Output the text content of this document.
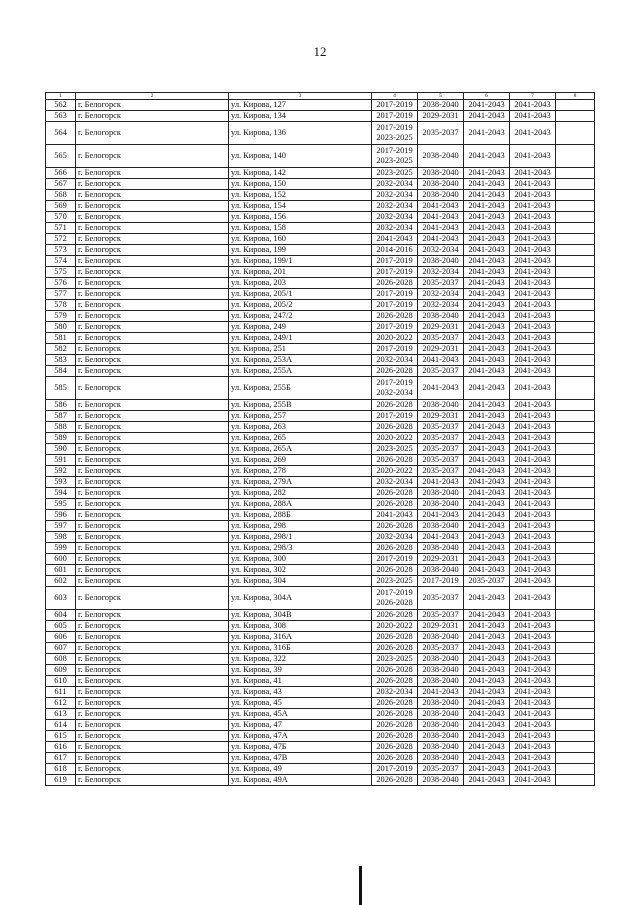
12
1	2	3	4	5	6	7	8
562	г. Белогорск	ул. Кирова, 127	2017-2019	2038-2040	2041-2043	2041-2043	
563	г. Белогорск	ул. Кирова, 134	2017-2019	2029-2031	2041-2043	2041-2043	
564	г. Белогорск	ул. Кирова, 136	2017-2019 2023-2025	2035-2037	2041-2043	2041-2043	
565	г. Белогорск	ул. Кирова, 140	2017-2019 2023-2025	2038-2040	2041-2043	2041-2043	
566	г. Белогорск	ул. Кирова, 142	2023-2025	2038-2040	2041-2043	2041-2043	
567	г. Белогорск	ул. Кирова, 150	2032-2034	2038-2040	2041-2043	2041-2043	
568	г. Белогорск	ул. Кирова, 152	2032-2034	2038-2040	2041-2043	2041-2043	
569	г. Белогорск	ул. Кирова, 154	2032-2034	2041-2043	2041-2043	2041-2043	
570	г. Белогорск	ул. Кирова, 156	2032-2034	2041-2043	2041-2043	2041-2043	
571	г. Белогорск	ул. Кирова, 158	2032-2034	2041-2043	2041-2043	2041-2043	
572	г. Белогорск	ул. Кирова, 160	2041-2043	2041-2043	2041-2043	2041-2043	
573	г. Белогорск	ул. Кирова, 199	2014-2016	2032-2034	2041-2043	2041-2043	
574	г. Белогорск	ул. Кирова, 199/1	2017-2019	2038-2040	2041-2043	2041-2043	
575	г. Белогорск	ул. Кирова, 201	2017-2019	2032-2034	2041-2043	2041-2043	
576	г. Белогорск	ул. Кирова, 203	2026-2028	2035-2037	2041-2043	2041-2043	
577	г. Белогорск	ул. Кирова, 205/1	2017-2019	2032-2034	2041-2043	2041-2043	
578	г. Белогорск	ул. Кирова, 205/2	2017-2019	2032-2034	2041-2043	2041-2043	
579	г. Белогорск	ул. Кирова, 247/2	2026-2028	2038-2040	2041-2043	2041-2043	
580	г. Белогорск	ул. Кирова, 249	2017-2019	2029-2031	2041-2043	2041-2043	
581	г. Белогорск	ул. Кирова, 249/1	2020-2022	2035-2037	2041-2043	2041-2043	
582	г. Белогорск	ул. Кирова, 251	2017-2019	2029-2031	2041-2043	2041-2043	
583	г. Белогорск	ул. Кирова, 253А	2032-2034	2041-2043	2041-2043	2041-2043	
584	г. Белогорск	ул. Кирова, 255А	2026-2028	2035-2037	2041-2043	2041-2043	
585	г. Белогорск	ул. Кирова, 255Б	2017-2019 2032-2034	2041-2043	2041-2043	2041-2043	
586	г. Белогорск	ул. Кирова, 255В	2026-2028	2038-2040	2041-2043	2041-2043	
587	г. Белогорск	ул. Кирова, 257	2017-2019	2029-2031	2041-2043	2041-2043	
588	г. Белогорск	ул. Кирова, 263	2026-2028	2035-2037	2041-2043	2041-2043	
589	г. Белогорск	ул. Кирова, 265	2020-2022	2035-2037	2041-2043	2041-2043	
590	г. Белогорск	ул. Кирова, 265А	2023-2025	2035-2037	2041-2043	2041-2043	
591	г. Белогорск	ул. Кирова, 269	2026-2028	2035-2037	2041-2043	2041-2043	
592	г. Белогорск	ул. Кирова, 278	2020-2022	2035-2037	2041-2043	2041-2043	
593	г. Белогорск	ул. Кирова, 279А	2032-2034	2041-2043	2041-2043	2041-2043	
594	г. Белогорск	ул. Кирова, 282	2026-2028	2038-2040	2041-2043	2041-2043	
595	г. Белогорск	ул. Кирова, 288А	2026-2028	2038-2040	2041-2043	2041-2043	
596	г. Белогорск	ул. Кирова, 288Б	2041-2043	2041-2043	2041-2043	2041-2043	
597	г. Белогорск	ул. Кирова, 298	2026-2028	2038-2040	2041-2043	2041-2043	
598	г. Белогорск	ул. Кирова, 298/1	2032-2034	2041-2043	2041-2043	2041-2043	
599	г. Белогорск	ул. Кирова, 298/3	2026-2028	2038-2040	2041-2043	2041-2043	
600	г. Белогорск	ул. Кирова, 300	2017-2019	2029-2031	2041-2043	2041-2043	
601	г. Белогорск	ул. Кирова, 302	2026-2028	2038-2040	2041-2043	2041-2043	
602	г. Белогорск	ул. Кирова, 304	2023-2025	2017-2019	2035-2037	2041-2043	
603	г. Белогорск	ул. Кирова, 304А	2017-2019 2026-2028	2035-2037	2041-2043	2041-2043	
604	г. Белогорск	ул. Кирова, 304В	2026-2028	2035-2037	2041-2043	2041-2043	
605	г. Белогорск	ул. Кирова, 308	2020-2022	2029-2031	2041-2043	2041-2043	
606	г. Белогорск	ул. Кирова, 316А	2026-2028	2038-2040	2041-2043	2041-2043	
607	г. Белогорск	ул. Кирова, 316Б	2026-2028	2035-2037	2041-2043	2041-2043	
608	г. Белогорск	ул. Кирова, 322	2023-2025	2038-2040	2041-2043	2041-2043	
609	г. Белогорск	ул. Кирова, 39	2026-2028	2038-2040	2041-2043	2041-2043	
610	г. Белогорск	ул. Кирова, 41	2026-2028	2038-2040	2041-2043	2041-2043	
611	г. Белогорск	ул. Кирова, 43	2032-2034	2041-2043	2041-2043	2041-2043	
612	г. Белогорск	ул. Кирова, 45	2026-2028	2038-2040	2041-2043	2041-2043	
613	г. Белогорск	ул. Кирова, 45А	2026-2028	2038-2040	2041-2043	2041-2043	
614	г. Белогорск	ул. Кирова, 47	2026-2028	2038-2040	2041-2043	2041-2043	
615	г. Белогорск	ул. Кирова, 47А	2026-2028	2038-2040	2041-2043	2041-2043	
616	г. Белогорск	ул. Кирова, 47Б	2026-2028	2038-2040	2041-2043	2041-2043	
617	г. Белогорск	ул. Кирова, 47В	2026-2028	2038-2040	2041-2043	2041-2043	
618	г. Белогорск	ул. Кирова, 49	2017-2019	2035-2037	2041-2043	2041-2043	
619	г. Белогорск	ул. Кирова, 49А	2026-2028	2038-2040	2041-2043	2041-2043	
